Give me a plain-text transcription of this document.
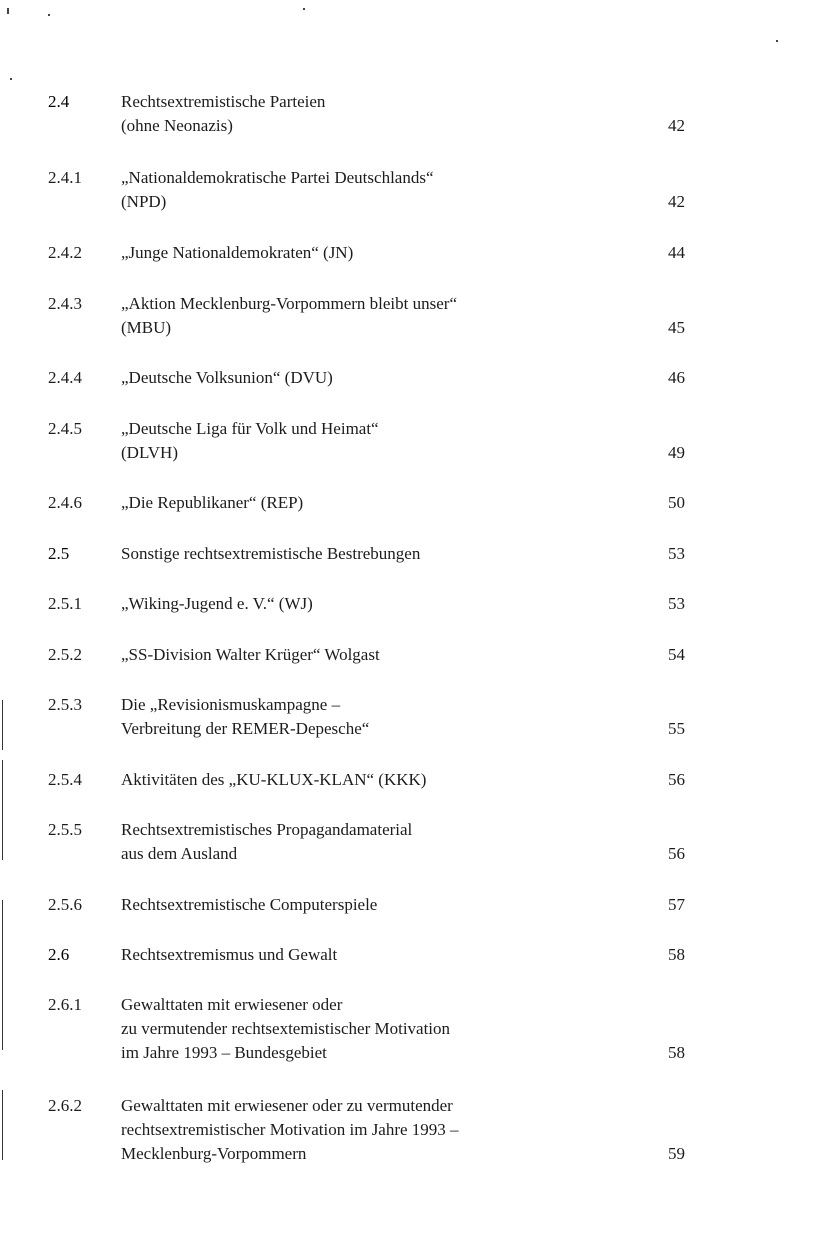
2.4	Rechtsextremistische Parteien
(ohne Neonazis)	42
2.4.1 „Nationaldemokratische Partei Deutschlands“
(NPD)	42
2.4.2 „Junge Nationaldemokraten“ (JN)	44
2.4.3 „Aktion Mecklenburg-Vorpommern bleibt unser“
(MBU)	45
2.4.4 „Deutsche Volksunion“ (DVU)	46
2.4.5 „Deutsche Liga für Volk und Heimat“
(DLVH)	49
2.4.6 „Die Republikaner“ (REP)	50
2.5	Sonstige rechtsextremistische Bestrebungen	53
2.5.1 „Wiking-Jugend e. V.“ (WJ)	53
2.5.2 „SS-Division Walter Krüger“ Wolgast	54
2.5.3 Die „Revisionismuskampagne –
Verbreitung der REMER-Depesche“	55
2.5.4 Aktivitäten des „KU-KLUX-KLAN“ (KKK)	56
2.5.5 Rechtsextremistisches Propagandamaterial
aus dem Ausland	56
2.5.6 Rechtsextremistische Computerspiele	57
2.6	Rechtsextremismus und Gewalt	58
2.6.1 Gewalttaten mit erwiesener oder
zu vermutender rechtsextemistischer Motivation
im Jahre 1993 – Bundesgebiet	58
2.6.2 Gewalttaten mit erwiesener oder zu vermutender
rechtsextremistischer Motivation im Jahre 1993 –
Mecklenburg-Vorpommern	59
